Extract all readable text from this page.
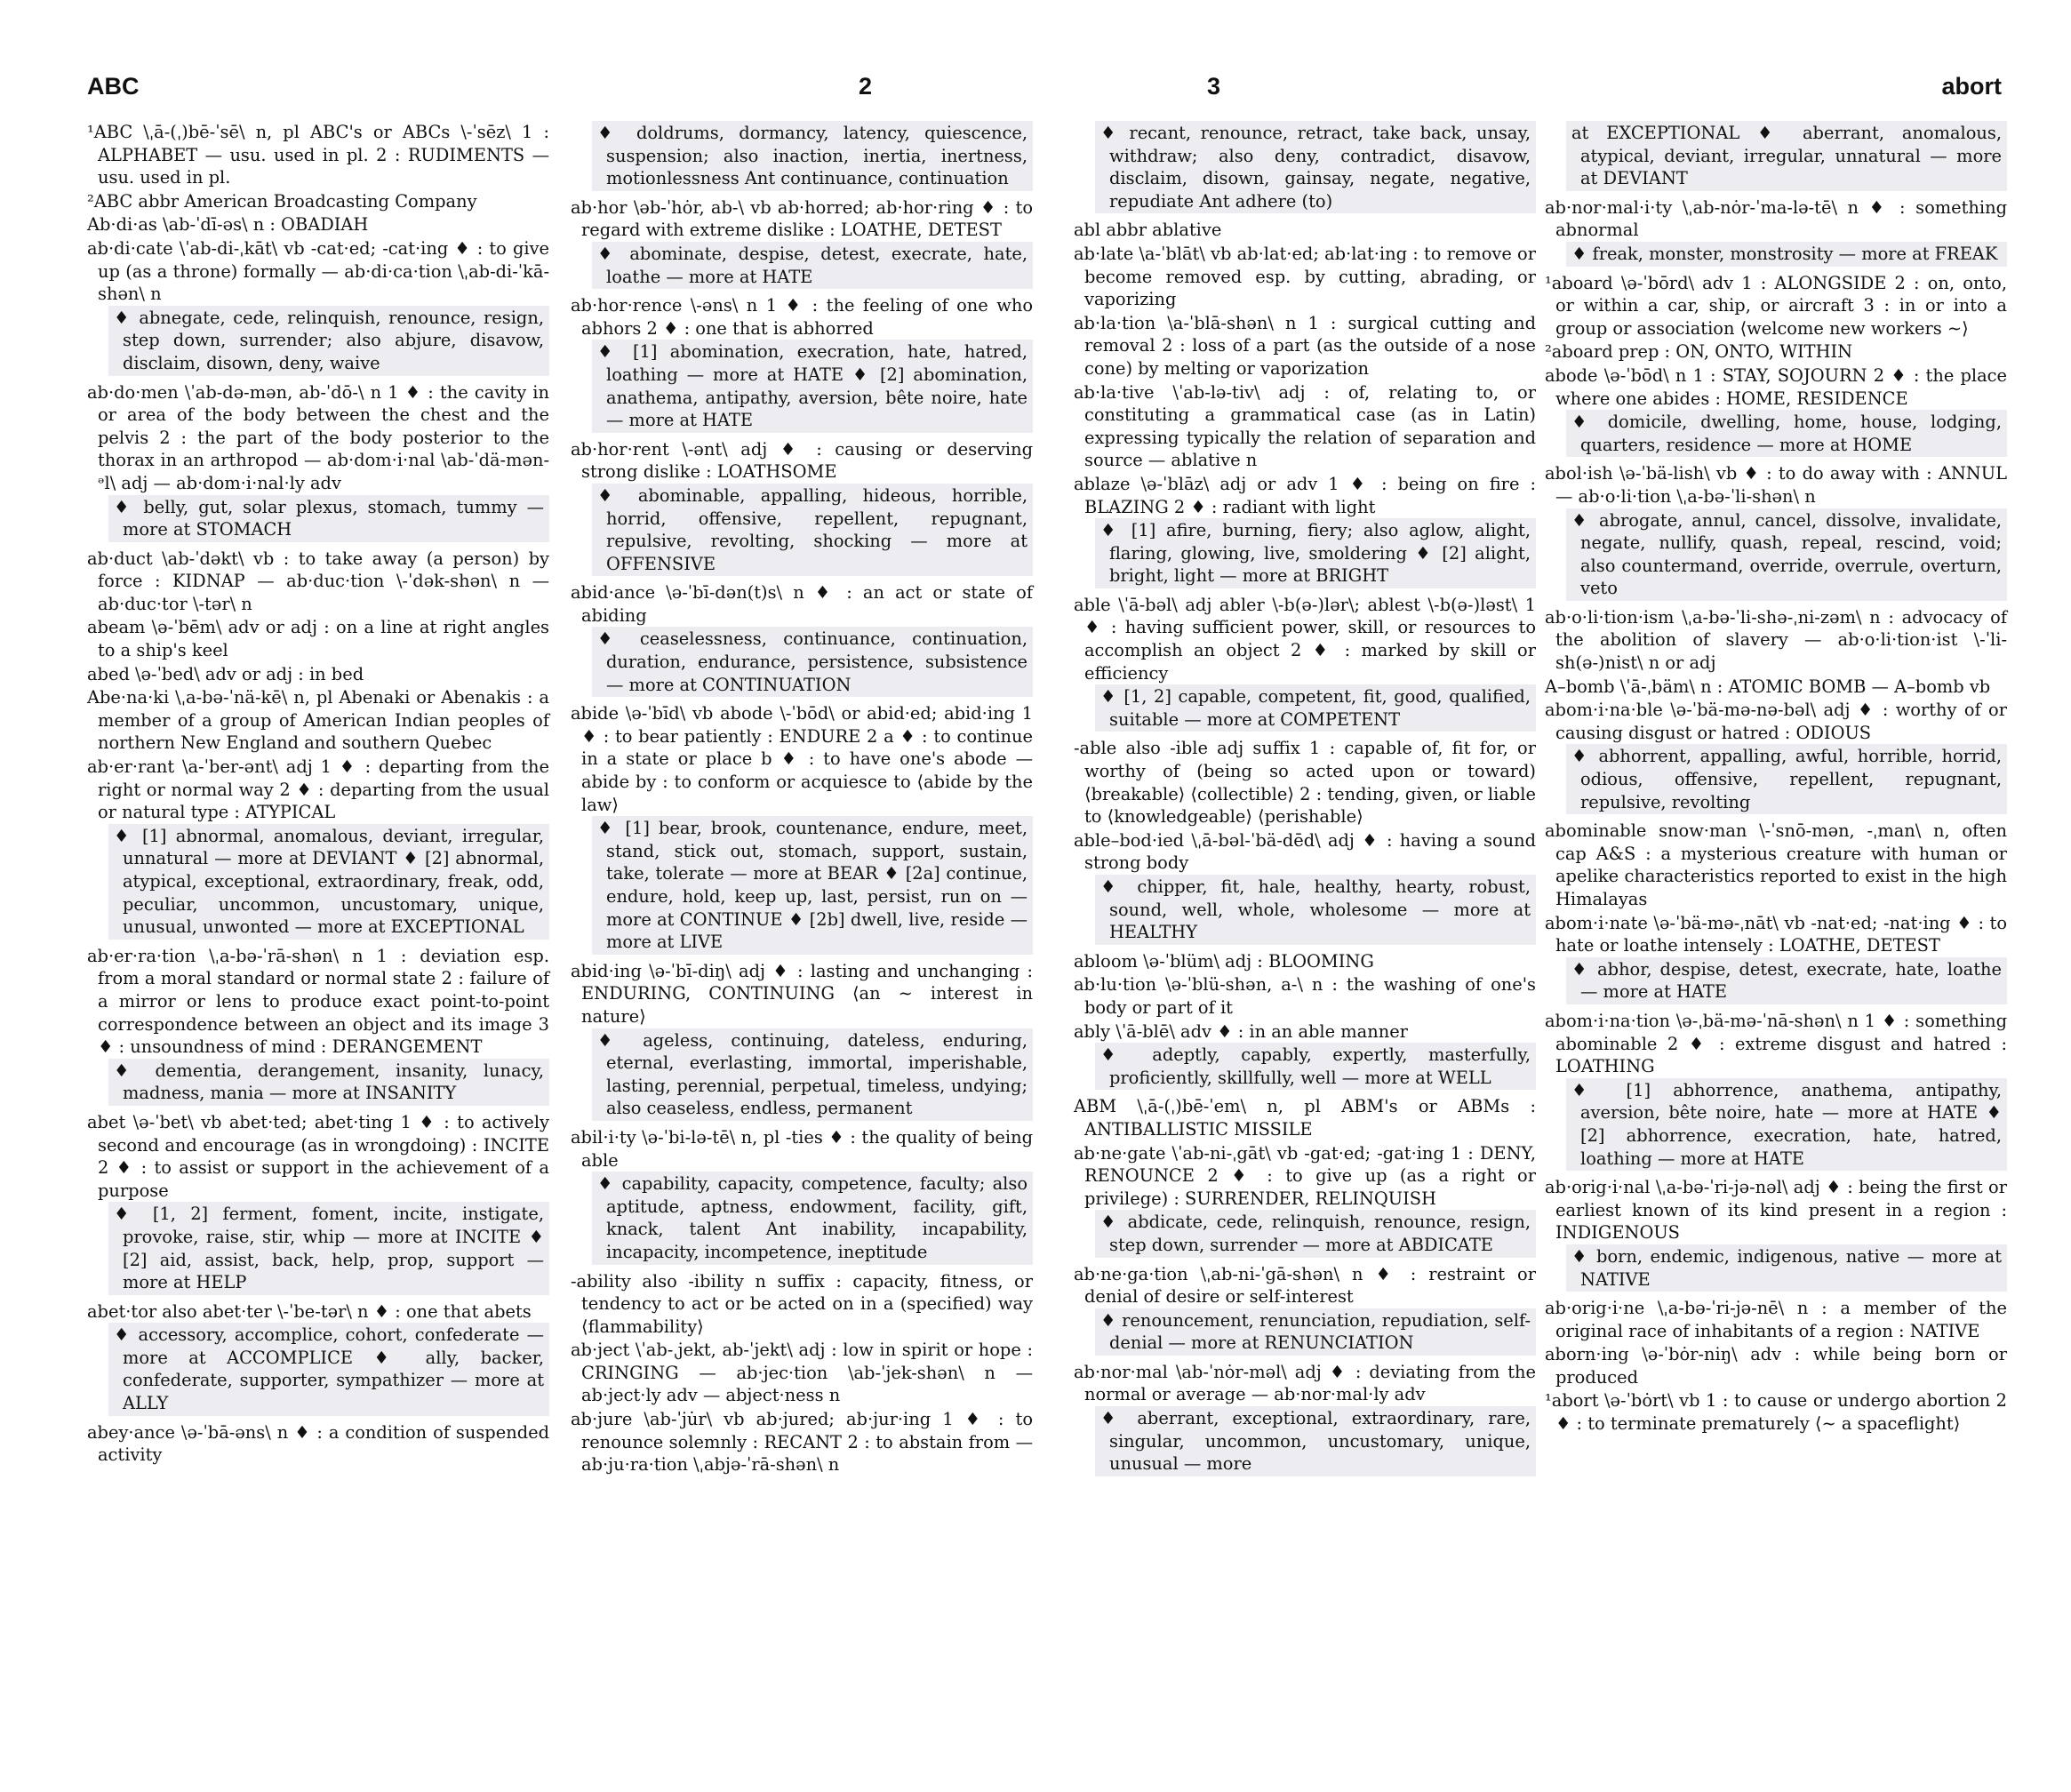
ABC	2	3	abort

¹ABC \ˌā-(ˌ)bē-ˈsē\ n, pl ABC's or ABCs \-ˈsēz\ 1 : ALPHABET — usu. used in pl. 2 : RUDIMENTS — usu. used in pl.

²ABC abbr American Broadcasting Company

Ab·di·as \ab-ˈdī-əs\ n : OBADIAH

ab·di·cate \ˈab-di-ˌkāt\ vb -cat·ed; -cat·ing ♦ : to give up (as a throne) formally — ab·di·ca·tion \ˌab-di-ˈkā-shən\ n

♦ abnegate, cede, relinquish, renounce, resign, step down, surrender; also abjure, disavow, disclaim, disown, deny, waive

ab·do·men \ˈab-də-mən, ab-ˈdō-\ n 1 ♦ : the cavity in or area of the body between the chest and the pelvis 2 : the part of the body posterior to the thorax in an arthropod — ab·dom·i·nal \ab-ˈdä-mən-ᵊl\ adj — ab·dom·i·nal·ly adv

♦ belly, gut, solar plexus, stomach, tummy — more at STOMACH

ab·duct \ab-ˈdəkt\ vb : to take away (a person) by force : KIDNAP — ab·duc·tion \-ˈdək-shən\ n — ab·duc·tor \-tər\ n

abeam \ə-ˈbēm\ adv or adj : on a line at right angles to a ship's keel

abed \ə-ˈbed\ adv or adj : in bed

Abe·na·ki \ˌa-bə-ˈnä-kē\ n, pl Abenaki or Abenakis : a member of a group of American Indian peoples of northern New England and southern Quebec

ab·er·rant \a-ˈber-ənt\ adj 1 ♦ : departing from the right or normal way 2 ♦ : departing from the usual or natural type : ATYPICAL

♦ [1] abnormal, anomalous, deviant, irregular, unnatural — more at DEVIANT ♦ [2] abnormal, atypical, exceptional, extraordinary, freak, odd, peculiar, uncommon, uncustomary, unique, unusual, unwonted — more at EXCEPTIONAL

ab·er·ra·tion \ˌa-bə-ˈrā-shən\ n 1 : deviation esp. from a moral standard or normal state 2 : failure of a mirror or lens to produce exact point-to-point correspondence between an object and its image 3 ♦ : unsoundness of mind : DERANGEMENT

♦ dementia, derangement, insanity, lunacy, madness, mania — more at INSANITY

abet \ə-ˈbet\ vb abet·ted; abet·ting 1 ♦ : to actively second and encourage (as in wrongdoing) : INCITE 2 ♦ : to assist or support in the achievement of a purpose

♦ [1, 2] ferment, foment, incite, instigate, provoke, raise, stir, whip — more at INCITE ♦ [2] aid, assist, back, help, prop, support — more at HELP

abet·tor also abet·ter \-ˈbe-tər\ n ♦ : one that abets

♦ accessory, accomplice, cohort, confederate — more at ACCOMPLICE ♦ ally, backer, confederate, supporter, sympathizer — more at ALLY

abey·ance \ə-ˈbā-əns\ n ♦ : a condition of suspended activity

♦ doldrums, dormancy, latency, quiescence, suspension; also inaction, inertia, inertness, motionlessness Ant continuance, continuation

ab·hor \əb-ˈhȯr, ab-\ vb ab·horred; ab·hor·ring ♦ : to regard with extreme dislike : LOATHE, DETEST

♦ abominate, despise, detest, execrate, hate, loathe — more at HATE

ab·hor·rence \-əns\ n 1 ♦ : the feeling of one who abhors 2 ♦ : one that is abhorred

♦ [1] abomination, execration, hate, hatred, loathing — more at HATE ♦ [2] abomination, anathema, antipathy, aversion, bête noire, hate — more at HATE

ab·hor·rent \-ənt\ adj ♦ : causing or deserving strong dislike : LOATHSOME

♦ abominable, appalling, hideous, horrible, horrid, offensive, repellent, repugnant, repulsive, revolting, shocking — more at OFFENSIVE

abid·ance \ə-ˈbī-dən(t)s\ n ♦ : an act or state of abiding

♦ ceaselessness, continuance, continuation, duration, endurance, persistence, subsistence — more at CONTINUATION

abide \ə-ˈbīd\ vb abode \-ˈbōd\ or abid·ed; abid·ing 1 ♦ : to bear patiently : ENDURE 2 a ♦ : to continue in a state or place b ♦ : to have one's abode — abide by : to conform or acquiesce to ⟨abide by the law⟩

♦ [1] bear, brook, countenance, endure, meet, stand, stick out, stomach, support, sustain, take, tolerate — more at BEAR ♦ [2a] continue, endure, hold, keep up, last, persist, run on — more at CONTINUE ♦ [2b] dwell, live, reside — more at LIVE

abid·ing \ə-ˈbī-diŋ\ adj ♦ : lasting and unchanging : ENDURING, CONTINUING ⟨an ∼ interest in nature⟩

♦ ageless, continuing, dateless, enduring, eternal, everlasting, immortal, imperishable, lasting, perennial, perpetual, timeless, undying; also ceaseless, endless, permanent

abil·i·ty \ə-ˈbi-lə-tē\ n, pl -ties ♦ : the quality of being able

♦ capability, capacity, competence, faculty; also aptitude, aptness, endowment, facility, gift, knack, talent Ant inability, incapability, incapacity, incompetence, ineptitude

-ability also -ibility n suffix : capacity, fitness, or tendency to act or be acted on in a (specified) way ⟨flammability⟩

ab·ject \ˈab-ˌjekt, ab-ˈjekt\ adj : low in spirit or hope : CRINGING — ab·jec·tion \ab-ˈjek-shən\ n — ab·ject·ly adv — abject·ness n

ab·jure \ab-ˈju̇r\ vb ab·jured; ab·jur·ing 1 ♦ : to renounce solemnly : RECANT 2 : to abstain from — ab·ju·ra·tion \ˌabjə-ˈrā-shən\ n

♦ recant, renounce, retract, take back, unsay, withdraw; also deny, contradict, disavow, disclaim, disown, gainsay, negate, negative, repudiate Ant adhere (to)

abl abbr ablative

ab·late \a-ˈblāt\ vb ab·lat·ed; ab·lat·ing : to remove or become removed esp. by cutting, abrading, or vaporizing

ab·la·tion \a-ˈblā-shən\ n 1 : surgical cutting and removal 2 : loss of a part (as the outside of a nose cone) by melting or vaporization

ab·la·tive \ˈab-lə-tiv\ adj : of, relating to, or constituting a grammatical case (as in Latin) expressing typically the relation of separation and source — ablative n

ablaze \ə-ˈblāz\ adj or adv 1 ♦ : being on fire : BLAZING 2 ♦ : radiant with light

♦ [1] afire, burning, fiery; also aglow, alight, flaring, glowing, live, smoldering ♦ [2] alight, bright, light — more at BRIGHT

able \ˈā-bəl\ adj abler \-b(ə-)lər\; ablest \-b(ə-)ləst\ 1 ♦ : having sufficient power, skill, or resources to accomplish an object 2 ♦ : marked by skill or efficiency

♦ [1, 2] capable, competent, fit, good, qualified, suitable — more at COMPETENT

-able also -ible adj suffix 1 : capable of, fit for, or worthy of (being so acted upon or toward) ⟨breakable⟩ ⟨collectible⟩ 2 : tending, given, or liable to ⟨knowledgeable⟩ ⟨perishable⟩

able–bod·ied \ˌā-bəl-ˈbä-dēd\ adj ♦ : having a sound strong body

♦ chipper, fit, hale, healthy, hearty, robust, sound, well, whole, wholesome — more at HEALTHY

abloom \ə-ˈblüm\ adj : BLOOMING

ab·lu·tion \ə-ˈblü-shən, a-\ n : the washing of one's body or part of it

ably \ˈā-blē\ adv ♦ : in an able manner

♦ adeptly, capably, expertly, masterfully, proficiently, skillfully, well — more at WELL

ABM \ˌā-(ˌ)bē-ˈem\ n, pl ABM's or ABMs : ANTIBALLISTIC MISSILE

ab·ne·gate \ˈab-ni-ˌgāt\ vb -gat·ed; -gat·ing 1 : DENY, RENOUNCE 2 ♦ : to give up (as a right or privilege) : SURRENDER, RELINQUISH

♦ abdicate, cede, relinquish, renounce, resign, step down, surrender — more at ABDICATE

ab·ne·ga·tion \ˌab-ni-ˈgā-shən\ n ♦ : restraint or denial of desire or self-interest

♦ renouncement, renunciation, repudiation, self-denial — more at RENUNCIATION

ab·nor·mal \ab-ˈnȯr-məl\ adj ♦ : deviating from the normal or average — ab·nor·mal·ly adv

♦ aberrant, exceptional, extraordinary, rare, singular, uncommon, uncustomary, unique, unusual — more
at EXCEPTIONAL ♦ aberrant, anomalous, atypical, deviant, irregular, unnatural — more at DEVIANT

ab·nor·mal·i·ty \ˌab-nȯr-ˈma-lə-tē\ n ♦ : something abnormal

♦ freak, monster, monstrosity — more at FREAK

¹aboard \ə-ˈbōrd\ adv 1 : ALONGSIDE 2 : on, onto, or within a car, ship, or aircraft 3 : in or into a group or association ⟨welcome new workers ∼⟩

²aboard prep : ON, ONTO, WITHIN

abode \ə-ˈbōd\ n 1 : STAY, SOJOURN 2 ♦ : the place where one abides : HOME, RESIDENCE

♦ domicile, dwelling, home, house, lodging, quarters, residence — more at HOME

abol·ish \ə-ˈbä-lish\ vb ♦ : to do away with : ANNUL — ab·o·li·tion \ˌa-bə-ˈli-shən\ n

♦ abrogate, annul, cancel, dissolve, invalidate, negate, nullify, quash, repeal, rescind, void; also countermand, override, overrule, overturn, veto

ab·o·li·tion·ism \ˌa-bə-ˈli-shə-ˌni-zəm\ n : advocacy of the abolition of slavery — ab·o·li·tion·ist \-ˈli-sh(ə-)nist\ n or adj

A–bomb \ˈā-ˌbäm\ n : ATOMIC BOMB — A–bomb vb

abom·i·na·ble \ə-ˈbä-mə-nə-bəl\ adj ♦ : worthy of or causing disgust or hatred : ODIOUS

♦ abhorrent, appalling, awful, horrible, horrid, odious, offensive, repellent, repugnant, repulsive, revolting

abominable snow·man \-ˈsnō-mən, -ˌman\ n, often cap A&S : a mysterious creature with human or apelike characteristics reported to exist in the high Himalayas

abom·i·nate \ə-ˈbä-mə-ˌnāt\ vb -nat·ed; -nat·ing ♦ : to hate or loathe intensely : LOATHE, DETEST

♦ abhor, despise, detest, execrate, hate, loathe — more at HATE

abom·i·na·tion \ə-ˌbä-mə-ˈnā-shən\ n 1 ♦ : something abominable 2 ♦ : extreme disgust and hatred : LOATHING

♦ [1] abhorrence, anathema, antipathy, aversion, bête noire, hate — more at HATE ♦ [2] abhorrence, execration, hate, hatred, loathing — more at HATE

ab·orig·i·nal \ˌa-bə-ˈri-jə-nəl\ adj ♦ : being the first or earliest known of its kind present in a region : INDIGENOUS

♦ born, endemic, indigenous, native — more at NATIVE

ab·orig·i·ne \ˌa-bə-ˈri-jə-nē\ n : a member of the original race of inhabitants of a region : NATIVE

aborn·ing \ə-ˈbȯr-niŋ\ adv : while being born or produced

¹abort \ə-ˈbȯrt\ vb 1 : to cause or undergo abortion 2 ♦ : to terminate prematurely ⟨∼ a spaceflight⟩
